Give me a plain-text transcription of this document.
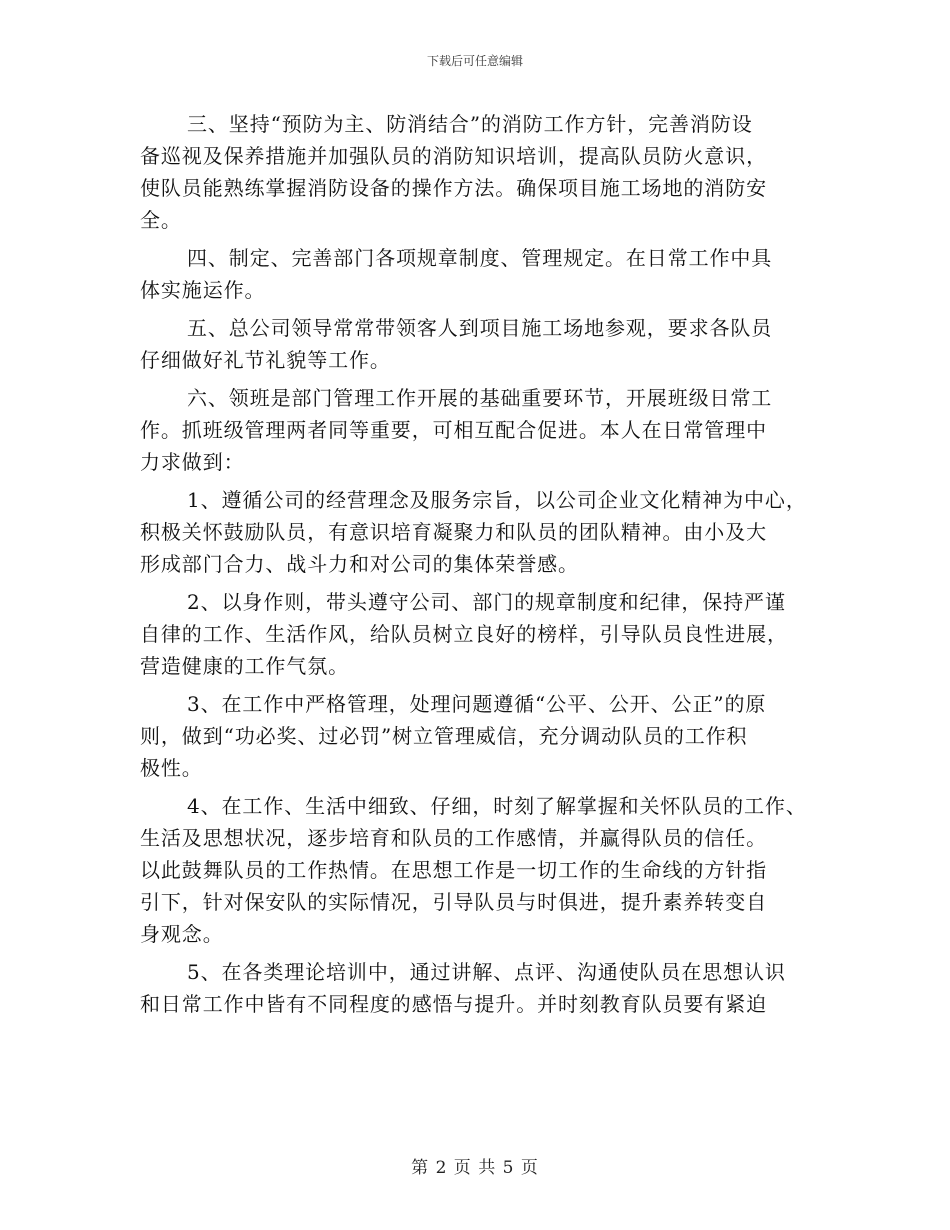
下载后可任意编辑

三、坚持“预防为主、防消结合”的消防工作方针，完善消防设
备巡视及保养措施并加强队员的消防知识培训，提高队员防火意识，
使队员能熟练掌握消防设备的操作方法。确保项目施工场地的消防安
全。

四、制定、完善部门各项规章制度、管理规定。在日常工作中具
体实施运作。

五、总公司领导常常带领客人到项目施工场地参观，要求各队员
仔细做好礼节礼貌等工作。

六、领班是部门管理工作开展的基础重要环节，开展班级日常工
作。抓班级管理两者同等重要，可相互配合促进。本人在日常管理中
力求做到：

1、遵循公司的经营理念及服务宗旨，以公司企业文化精神为中心，
积极关怀鼓励队员，有意识培育凝聚力和队员的团队精神。由小及大
形成部门合力、战斗力和对公司的集体荣誉感。

2、以身作则，带头遵守公司、部门的规章制度和纪律，保持严谨
自律的工作、生活作风，给队员树立良好的榜样，引导队员良性进展，
营造健康的工作气氛。

3、在工作中严格管理，处理问题遵循“公平、公开、公正”的原
则，做到“功必奖、过必罚”树立管理威信，充分调动队员的工作积
极性。

4、在工作、生活中细致、仔细，时刻了解掌握和关怀队员的工作、
生活及思想状况，逐步培育和队员的工作感情，并赢得队员的信任。
以此鼓舞队员的工作热情。在思想工作是一切工作的生命线的方针指
引下，针对保安队的实际情况，引导队员与时俱进，提升素养转变自
身观念。

5、在各类理论培训中，通过讲解、点评、沟通使队员在思想认识
和日常工作中皆有不同程度的感悟与提升。并时刻教育队员要有紧迫

第 2 页 共 5 页
